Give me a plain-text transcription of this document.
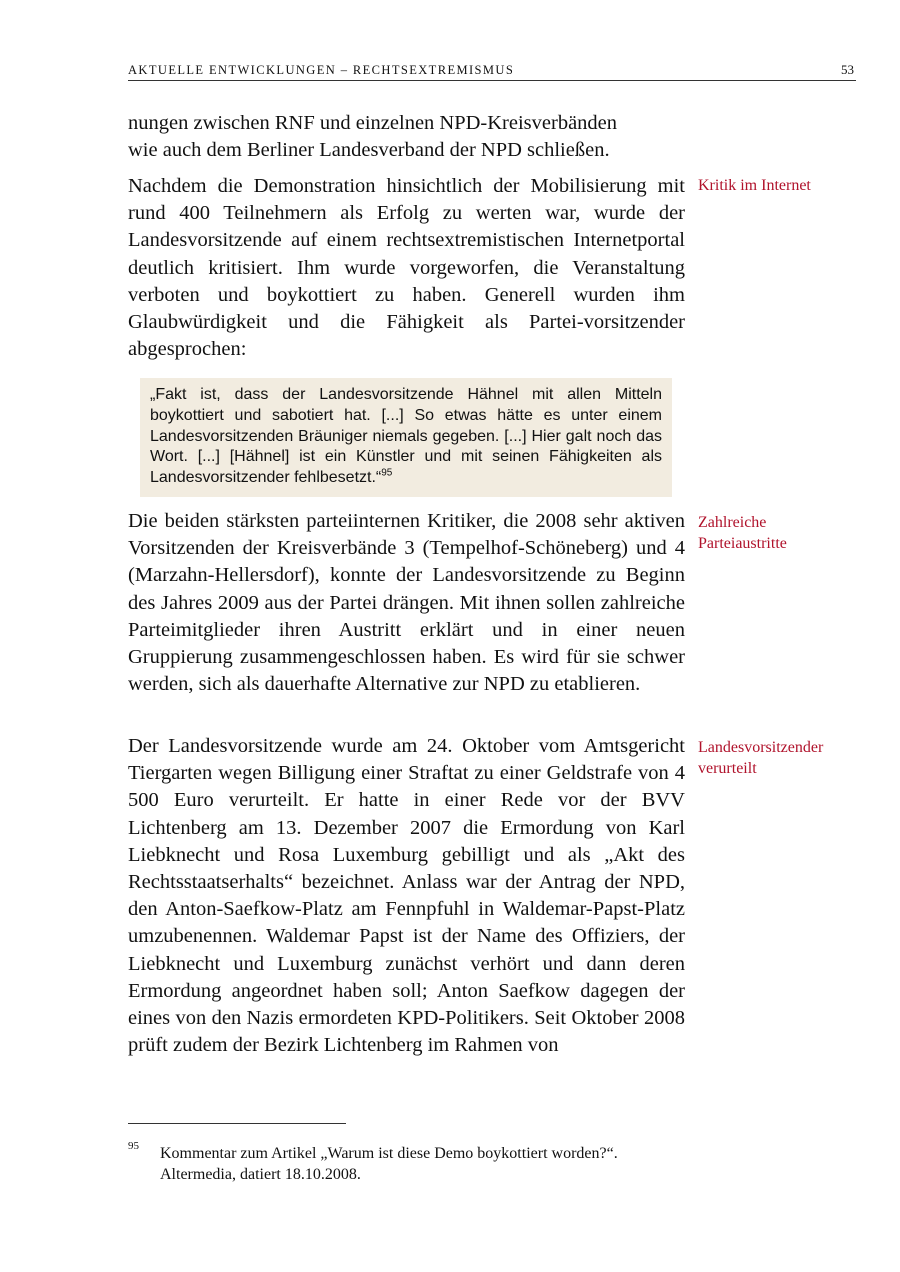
AKTUELLE ENTWICKLUNGEN – RECHTSEXTREMISMUS	53

nungen zwischen RNF und einzelnen NPD-Kreisverbänden
wie auch dem Berliner Landesverband der NPD schließen.

Nachdem die Demonstration hinsichtlich der Mobilisierung mit rund 400 Teilnehmern als Erfolg zu werten war, wurde der Landesvorsitzende auf einem rechtsextremistischen Internetportal deutlich kritisiert. Ihm wurde vorgeworfen, die Veranstaltung verboten und boykottiert zu haben. Generell wurden ihm Glaubwürdigkeit und die Fähigkeit als Partei-vorsitzender abgesprochen:

Kritik im Internet

„Fakt ist, dass der Landesvorsitzende Hähnel mit allen Mitteln boykottiert und sabotiert hat. [...] So etwas hätte es unter einem Landesvorsitzenden Bräuniger niemals gegeben. [...] Hier galt noch das Wort. [...] [Hähnel] ist ein Künstler und mit seinen Fähigkeiten als Landesvorsitzender fehlbesetzt.“$^{95}$

Die beiden stärksten parteiinternen Kritiker, die 2008 sehr aktiven Vorsitzenden der Kreisverbände 3 (Tempelhof-Schöneberg) und 4 (Marzahn-Hellersdorf), konnte der Landesvorsitzende zu Beginn des Jahres 2009 aus der Partei drängen. Mit ihnen sollen zahlreiche Parteimitglieder ihren Austritt erklärt und in einer neuen Gruppierung zusammengeschlossen haben. Es wird für sie schwer werden, sich als dauerhafte Alternative zur NPD zu etablieren.

Zahlreiche
Parteiaustritte

Der Landesvorsitzende wurde am 24. Oktober vom Amtsgericht Tiergarten wegen Billigung einer Straftat zu einer Geldstrafe von 4 500 Euro verurteilt. Er hatte in einer Rede vor der BVV Lichtenberg am 13. Dezember 2007 die Ermordung von Karl Liebknecht und Rosa Luxemburg gebilligt und als „Akt des Rechtsstaatserhalts“ bezeichnet. Anlass war der Antrag der NPD, den Anton-Saefkow-Platz am Fennpfuhl in Waldemar-Papst-Platz umzubenennen. Waldemar Papst ist der Name des Offiziers, der Liebknecht und Luxemburg zunächst verhört und dann deren Ermordung angeordnet haben soll; Anton Saefkow dagegen der eines von den Nazis ermordeten KPD-Politikers. Seit Oktober 2008 prüft zudem der Bezirk Lichtenberg im Rahmen von

Landesvorsitzender
verurteilt

95 Kommentar zum Artikel „Warum ist diese Demo boykottiert worden?“.
Altermedia, datiert 18.10.2008.
